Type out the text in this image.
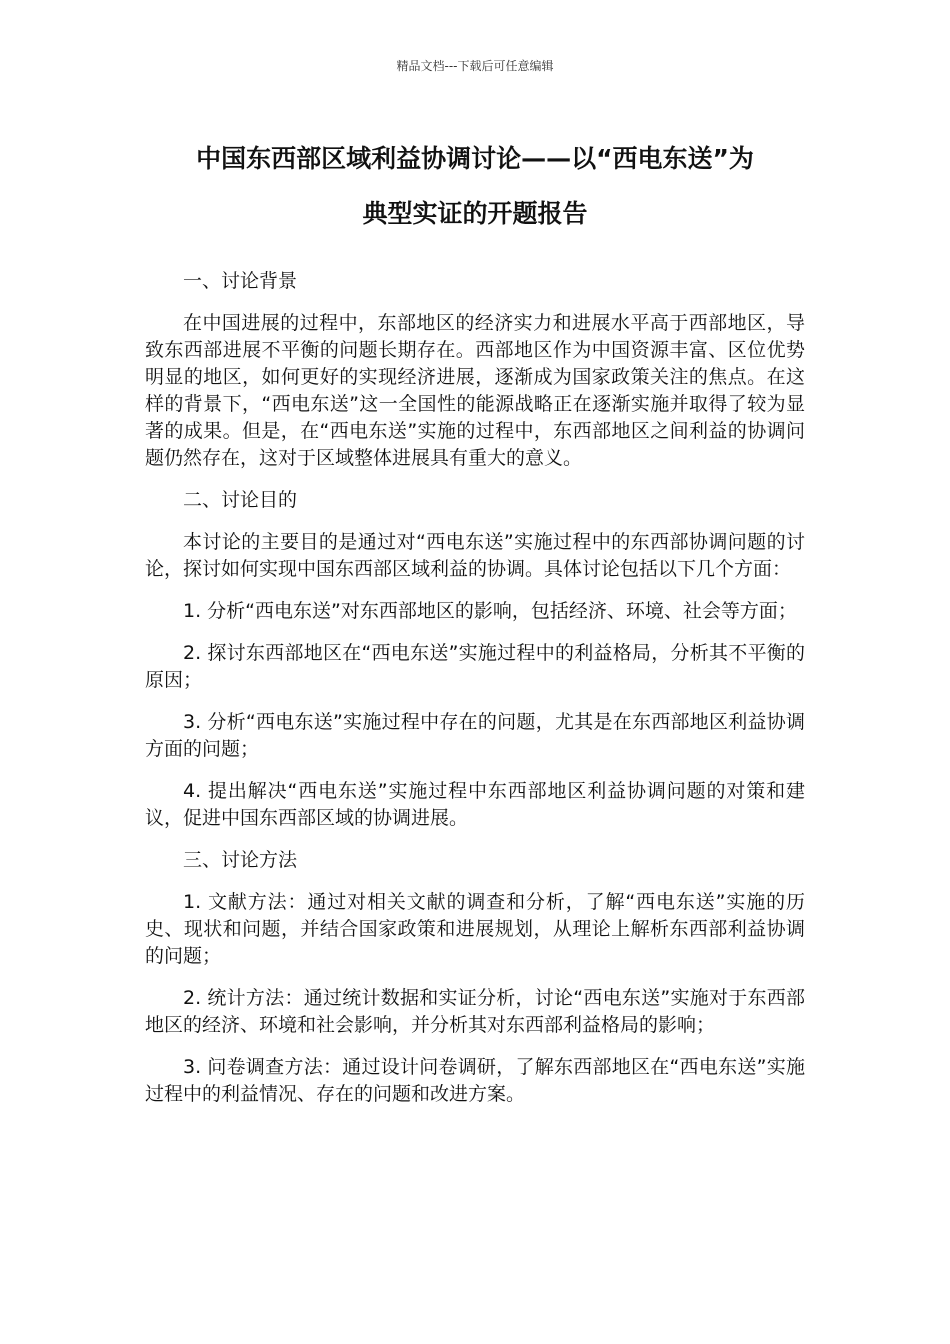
精品文档---下载后可任意编辑
中国东西部区域利益协调讨论——以“西电东送”为
典型实证的开题报告

一、讨论背景

在中国进展的过程中，东部地区的经济实力和进展水平高于西部地区，导致东西部进展不平衡的问题长期存在。西部地区作为中国资源丰富、区位优势明显的地区，如何更好的实现经济进展，逐渐成为国家政策关注的焦点。在这样的背景下，“西电东送”这一全国性的能源战略正在逐渐实施并取得了较为显著的成果。但是，在“西电东送”实施的过程中，东西部地区之间利益的协调问题仍然存在，这对于区域整体进展具有重大的意义。

二、讨论目的

本讨论的主要目的是通过对“西电东送”实施过程中的东西部协调问题的讨论，探讨如何实现中国东西部区域利益的协调。具体讨论包括以下几个方面：

1. 分析“西电东送”对东西部地区的影响，包括经济、环境、社会等方面；

2. 探讨东西部地区在“西电东送”实施过程中的利益格局，分析其不平衡的原因；

3. 分析“西电东送”实施过程中存在的问题，尤其是在东西部地区利益协调方面的问题；

4. 提出解决“西电东送”实施过程中东西部地区利益协调问题的对策和建议，促进中国东西部区域的协调进展。

三、讨论方法

1. 文献方法：通过对相关文献的调查和分析，了解“西电东送”实施的历史、现状和问题，并结合国家政策和进展规划，从理论上解析东西部利益协调的问题；

2. 统计方法：通过统计数据和实证分析，讨论“西电东送”实施对于东西部地区的经济、环境和社会影响，并分析其对东西部利益格局的影响；

3. 问卷调查方法：通过设计问卷调研，了解东西部地区在“西电东送”实施过程中的利益情况、存在的问题和改进方案。
